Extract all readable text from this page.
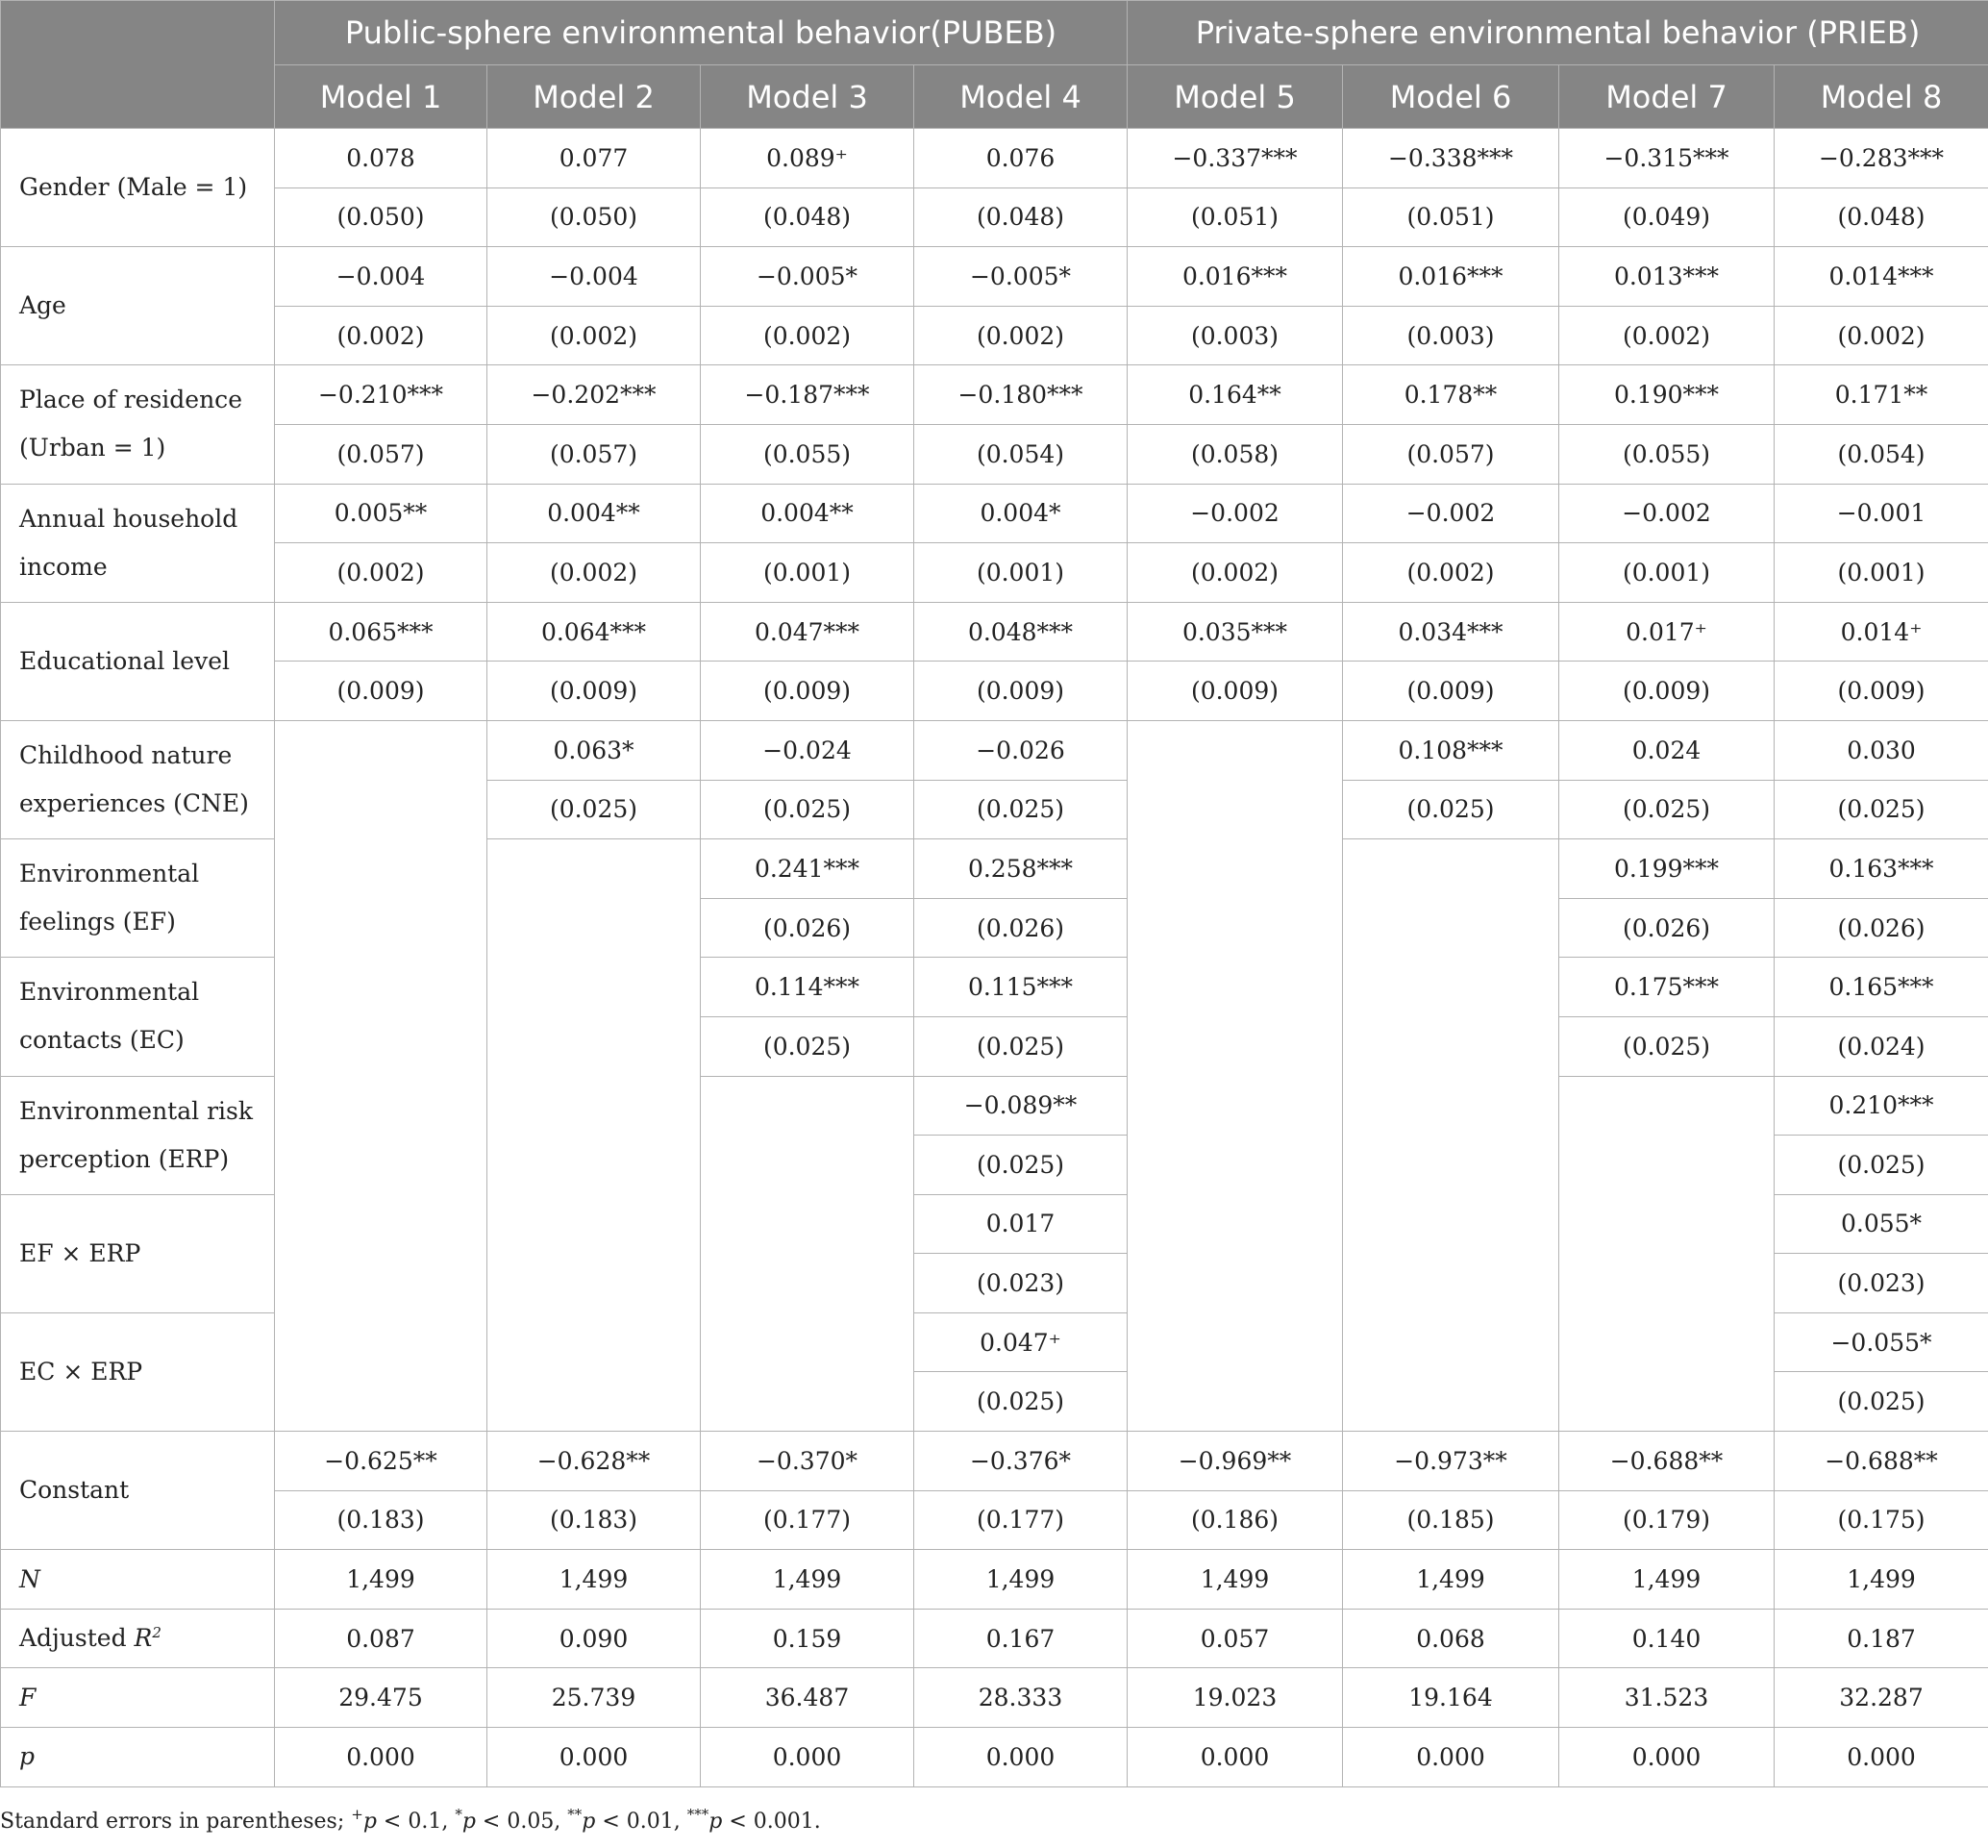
	Public-sphere environmental behavior(PUBEB)				Private-sphere environmental behavior (PRIEB)			
	Model 1	Model 2	Model 3	Model 4	Model 5	Model 6	Model 7	Model 8
Gender (Male = 1)	0.078	0.077	0.089⁺	0.076	−0.337***	−0.338***	−0.315***	−0.283***
	(0.050)	(0.050)	(0.048)	(0.048)	(0.051)	(0.051)	(0.049)	(0.048)
Age	−0.004	−0.004	−0.005*	−0.005*	0.016***	0.016***	0.013***	0.014***
	(0.002)	(0.002)	(0.002)	(0.002)	(0.003)	(0.003)	(0.002)	(0.002)
Place of residence (Urban = 1)	−0.210***	−0.202***	−0.187***	−0.180***	0.164**	0.178**	0.190***	0.171**
	(0.057)	(0.057)	(0.055)	(0.054)	(0.058)	(0.057)	(0.055)	(0.054)
Annual household income	0.005**	0.004**	0.004**	0.004*	−0.002	−0.002	−0.002	−0.001
	(0.002)	(0.002)	(0.001)	(0.001)	(0.002)	(0.002)	(0.001)	(0.001)
Educational level	0.065***	0.064***	0.047***	0.048***	0.035***	0.034***	0.017⁺	0.014⁺
	(0.009)	(0.009)	(0.009)	(0.009)	(0.009)	(0.009)	(0.009)	(0.009)
Childhood nature experiences (CNE)		0.063*	−0.024	−0.026		0.108***	0.024	0.030
		(0.025)	(0.025)	(0.025)		(0.025)	(0.025)	(0.025)
Environmental feelings (EF)			0.241***	0.258***			0.199***	0.163***
			(0.026)	(0.026)			(0.026)	(0.026)
Environmental contacts (EC)			0.114***	0.115***			0.175***	0.165***
			(0.025)	(0.025)			(0.025)	(0.024)
Environmental risk perception (ERP)				−0.089**				0.210***
				(0.025)				(0.025)
EF × ERP				0.017				0.055*
				(0.023)				(0.023)
EC × ERP				0.047⁺				−0.055*
				(0.025)				(0.025)
Constant	−0.625**	−0.628**	−0.370*	−0.376*	−0.969**	−0.973**	−0.688**	−0.688**
	(0.183)	(0.183)	(0.177)	(0.177)	(0.186)	(0.185)	(0.179)	(0.175)
N	1,499	1,499	1,499	1,499	1,499	1,499	1,499	1,499
Adjusted $R^2$	0.087	0.090	0.159	0.167	0.057	0.068	0.140	0.187
F	29.475	25.739	36.487	28.333	19.023	19.164	31.523	32.287
p	0.000	0.000	0.000	0.000	0.000	0.000	0.000	0.000
Standard errors in parentheses; +p < 0.1, *p < 0.05, **p < 0.01, ***p < 0.001.
